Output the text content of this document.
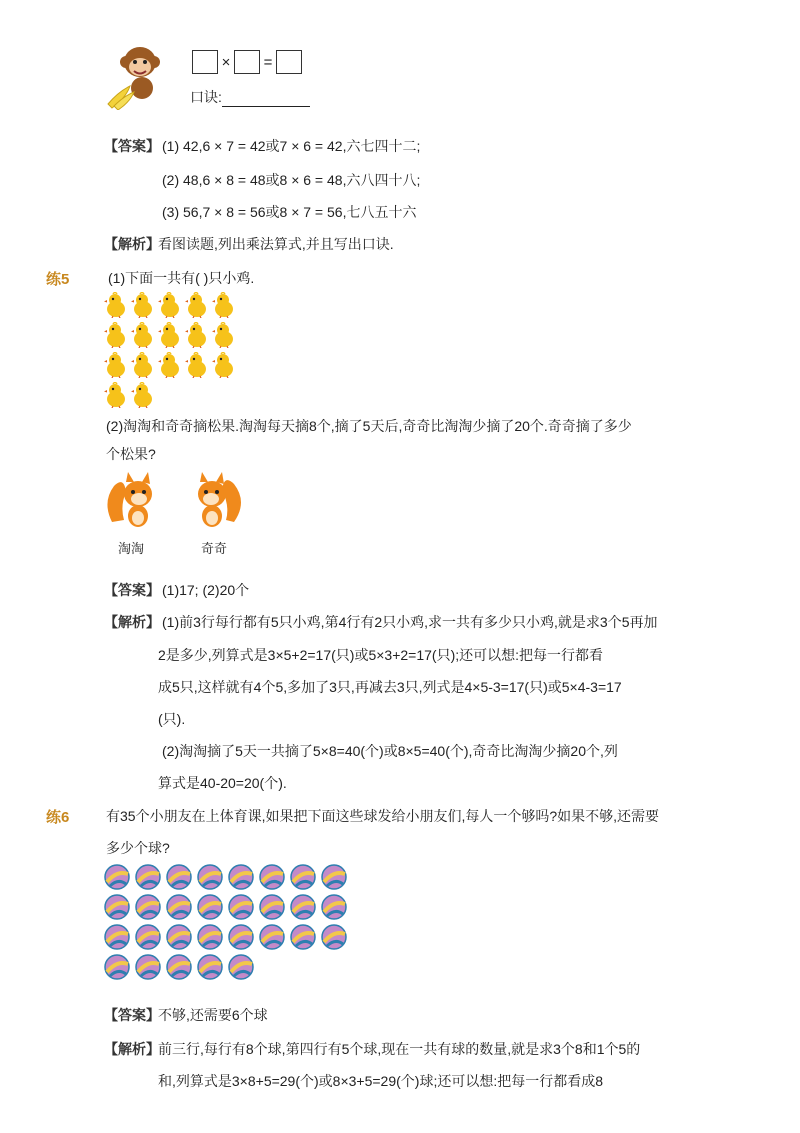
× =
口诀:
【答案】 (1) 42,6 × 7 = 42或7 × 6 = 42,六七四十二;
(2) 48,6 × 8 = 48或8 × 6 = 48,六八四十八;
(3) 56,7 × 8 = 56或8 × 7 = 56,七八五十六
【解析】
看图读题,列出乘法算式,并且写出口诀.
练5	(1)下面一共有( )只小鸡.
(2)淘淘和奇奇摘松果.淘淘每天摘8个,摘了5天后,奇奇比淘淘少摘了20个.奇奇摘了多少
个松果?
淘淘	奇奇
【答案】 (1)17; (2)20个
【解析】 (1)前3行每行都有5只小鸡,第4行有2只小鸡,求一共有多少只小鸡,就是求3个5再加
2是多少,列算式是3×5+2=17(只)或5×3+2=17(只);还可以想:把每一行都看
成5只,这样就有4个5,多加了3只,再减去3只,列式是4×5-3=17(只)或5×4-3=17
(只).
(2)淘淘摘了5天一共摘了5×8=40(个)或8×5=40(个),奇奇比淘淘少摘20个,列
算式是40-20=20(个).
练6	有35个小朋友在上体育课,如果把下面这些球发给小朋友们,每人一个够吗?如果不够,还需要
多少个球?
【答案】
不够,还需要6个球
【解析】
前三行,每行有8个球,第四行有5个球,现在一共有球的数量,就是求3个8和1个5的
和,列算式是3×8+5=29(个)或8×3+5=29(个)球;还可以想:把每一行都看成8
